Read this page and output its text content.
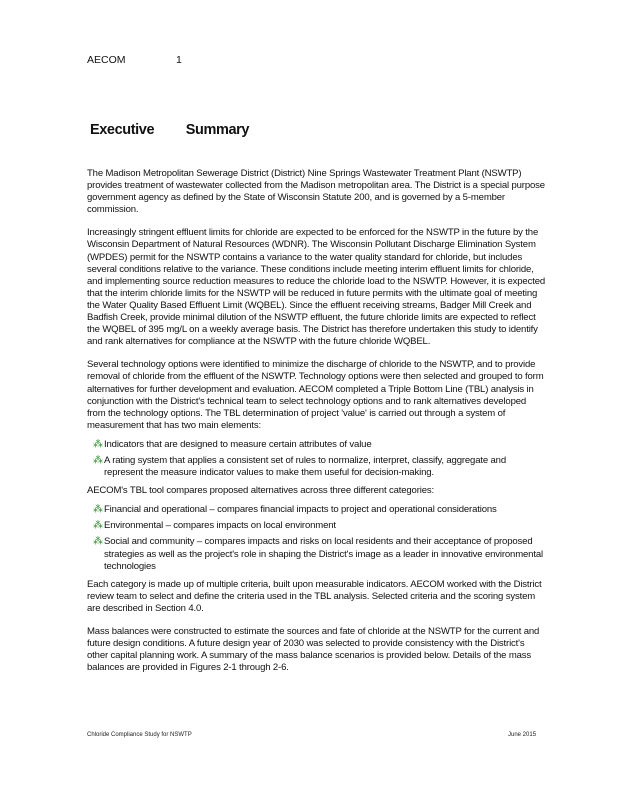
AECOM	1
Executive Summary

The Madison Metropolitan Sewerage District (District) Nine Springs Wastewater Treatment Plant (NSWTP) provides treatment of wastewater collected from the Madison metropolitan area. The District is a special purpose government agency as defined by the State of Wisconsin Statute 200, and is governed by a 5-member commission.

Increasingly stringent effluent limits for chloride are expected to be enforced for the NSWTP in the future by the Wisconsin Department of Natural Resources (WDNR). The Wisconsin Pollutant Discharge Elimination System (WPDES) permit for the NSWTP contains a variance to the water quality standard for chloride, but includes several conditions relative to the variance. These conditions include meeting interim effluent limits for chloride, and implementing source reduction measures to reduce the chloride load to the NSWTP. However, it is expected that the interim chloride limits for the NSWTP will be reduced in future permits with the ultimate goal of meeting the Water Quality Based Effluent Limit (WQBEL). Since the effluent receiving streams, Badger Mill Creek and Badfish Creek, provide minimal dilution of the NSWTP effluent, the future chloride limits are expected to reflect the WQBEL of 395 mg/L on a weekly average basis. The District has therefore undertaken this study to identify and rank alternatives for compliance at the NSWTP with the future chloride WQBEL.

Several technology options were identified to minimize the discharge of chloride to the NSWTP, and to provide removal of chloride from the effluent of the NSWTP. Technology options were then selected and grouped to form alternatives for further development and evaluation. AECOM completed a Triple Bottom Line (TBL) analysis in conjunction with the District's technical team to select technology options and to rank alternatives developed from the technology options. The TBL determination of project 'value' is carried out through a system of measurement that has two main elements:

⁂ Indicators that are designed to measure certain attributes of value
⁂ A rating system that applies a consistent set of rules to normalize, interpret, classify, aggregate and represent the measure indicator values to make them useful for decision-making.

AECOM's TBL tool compares proposed alternatives across three different categories:

⁂ Financial and operational – compares financial impacts to project and operational considerations
⁂ Environmental – compares impacts on local environment
⁂ Social and community – compares impacts and risks on local residents and their acceptance of proposed strategies as well as the project's role in shaping the District's image as a leader in innovative environmental technologies

Each category is made up of multiple criteria, built upon measurable indicators. AECOM worked with the District review team to select and define the criteria used in the TBL analysis. Selected criteria and the scoring system are described in Section 4.0.

Mass balances were constructed to estimate the sources and fate of chloride at the NSWTP for the current and future design conditions. A future design year of 2030 was selected to provide consistency with the District's other capital planning work. A summary of the mass balance scenarios is provided below. Details of the mass balances are provided in Figures 2-1 through 2-6.

Chloride Compliance Study for NSWTP	June 2015
